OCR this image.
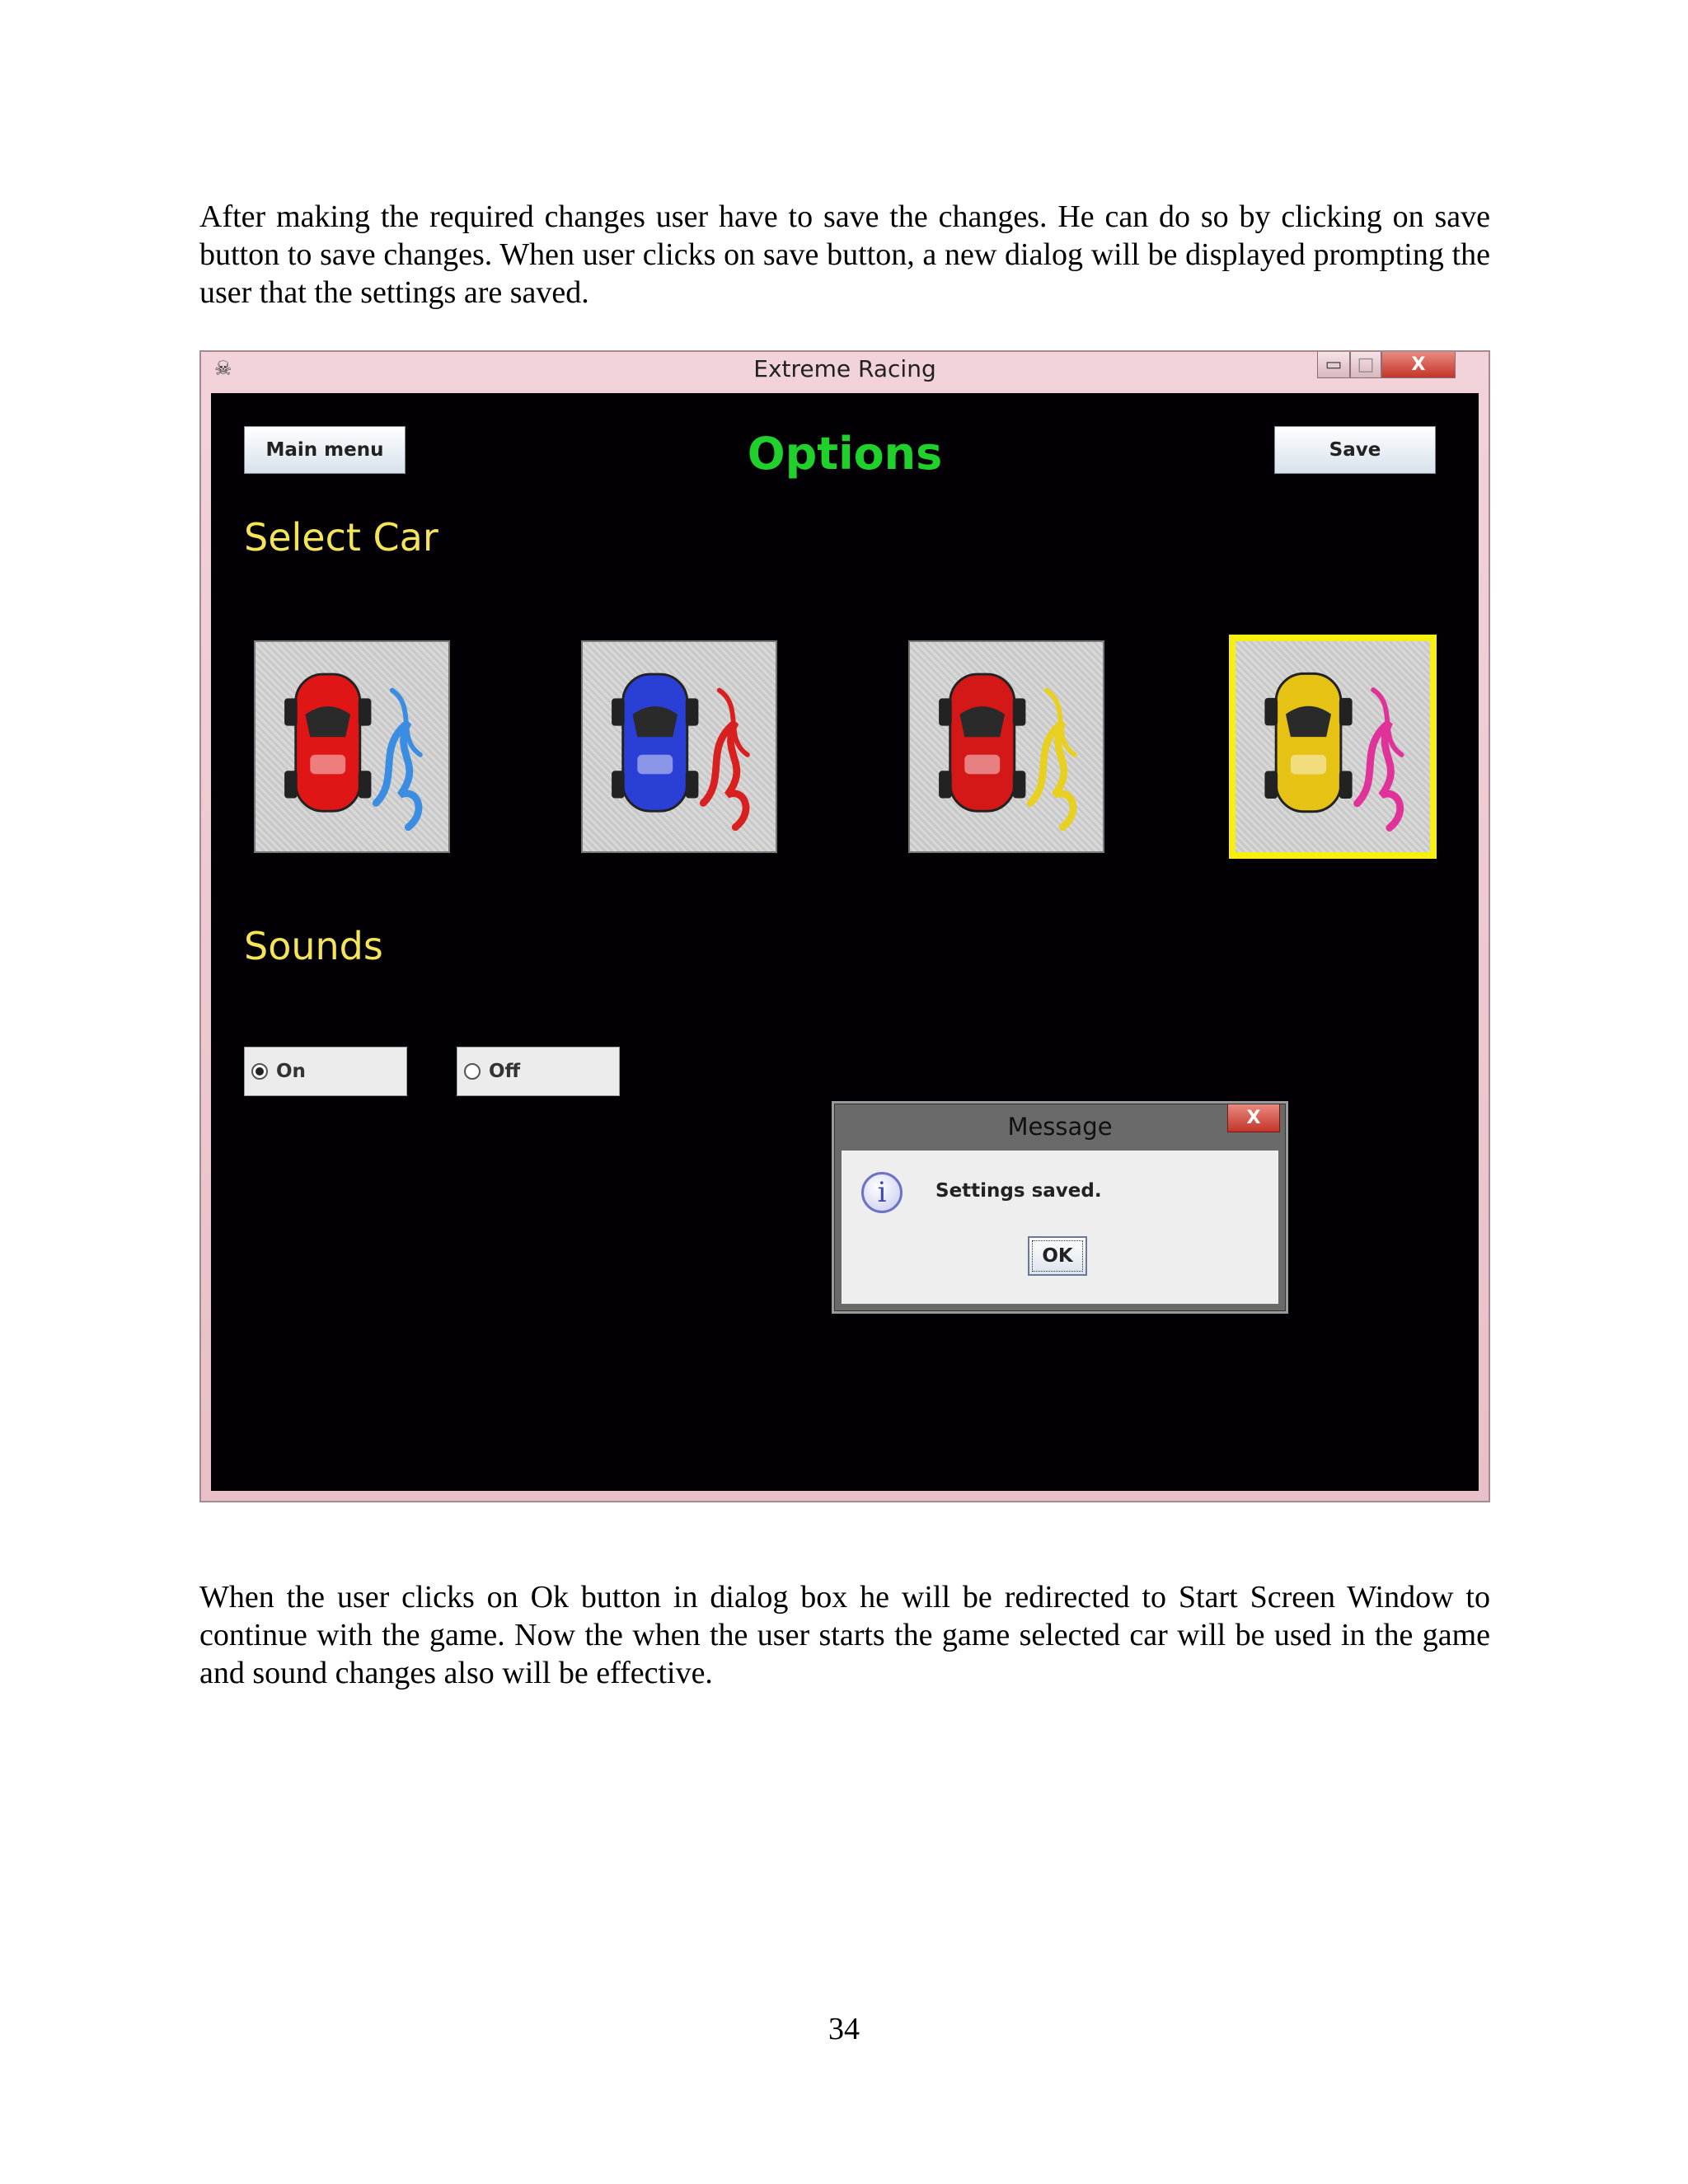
After making the required changes user have to save the changes. He can do so by clicking on save button to save changes. When user clicks on save button, a new dialog will be displayed prompting the user that the settings are saved.

☠	Extreme Racing	▭ □	X
Main menu	Options	Save
Select Car
Sounds
On	Off
Message	X
i	Settings saved.
OK

When the user clicks on Ok button in dialog box he will be redirected to Start Screen Window to continue with the game. Now the when the user starts the game selected car will be used in the game and sound changes also will be effective.

34
